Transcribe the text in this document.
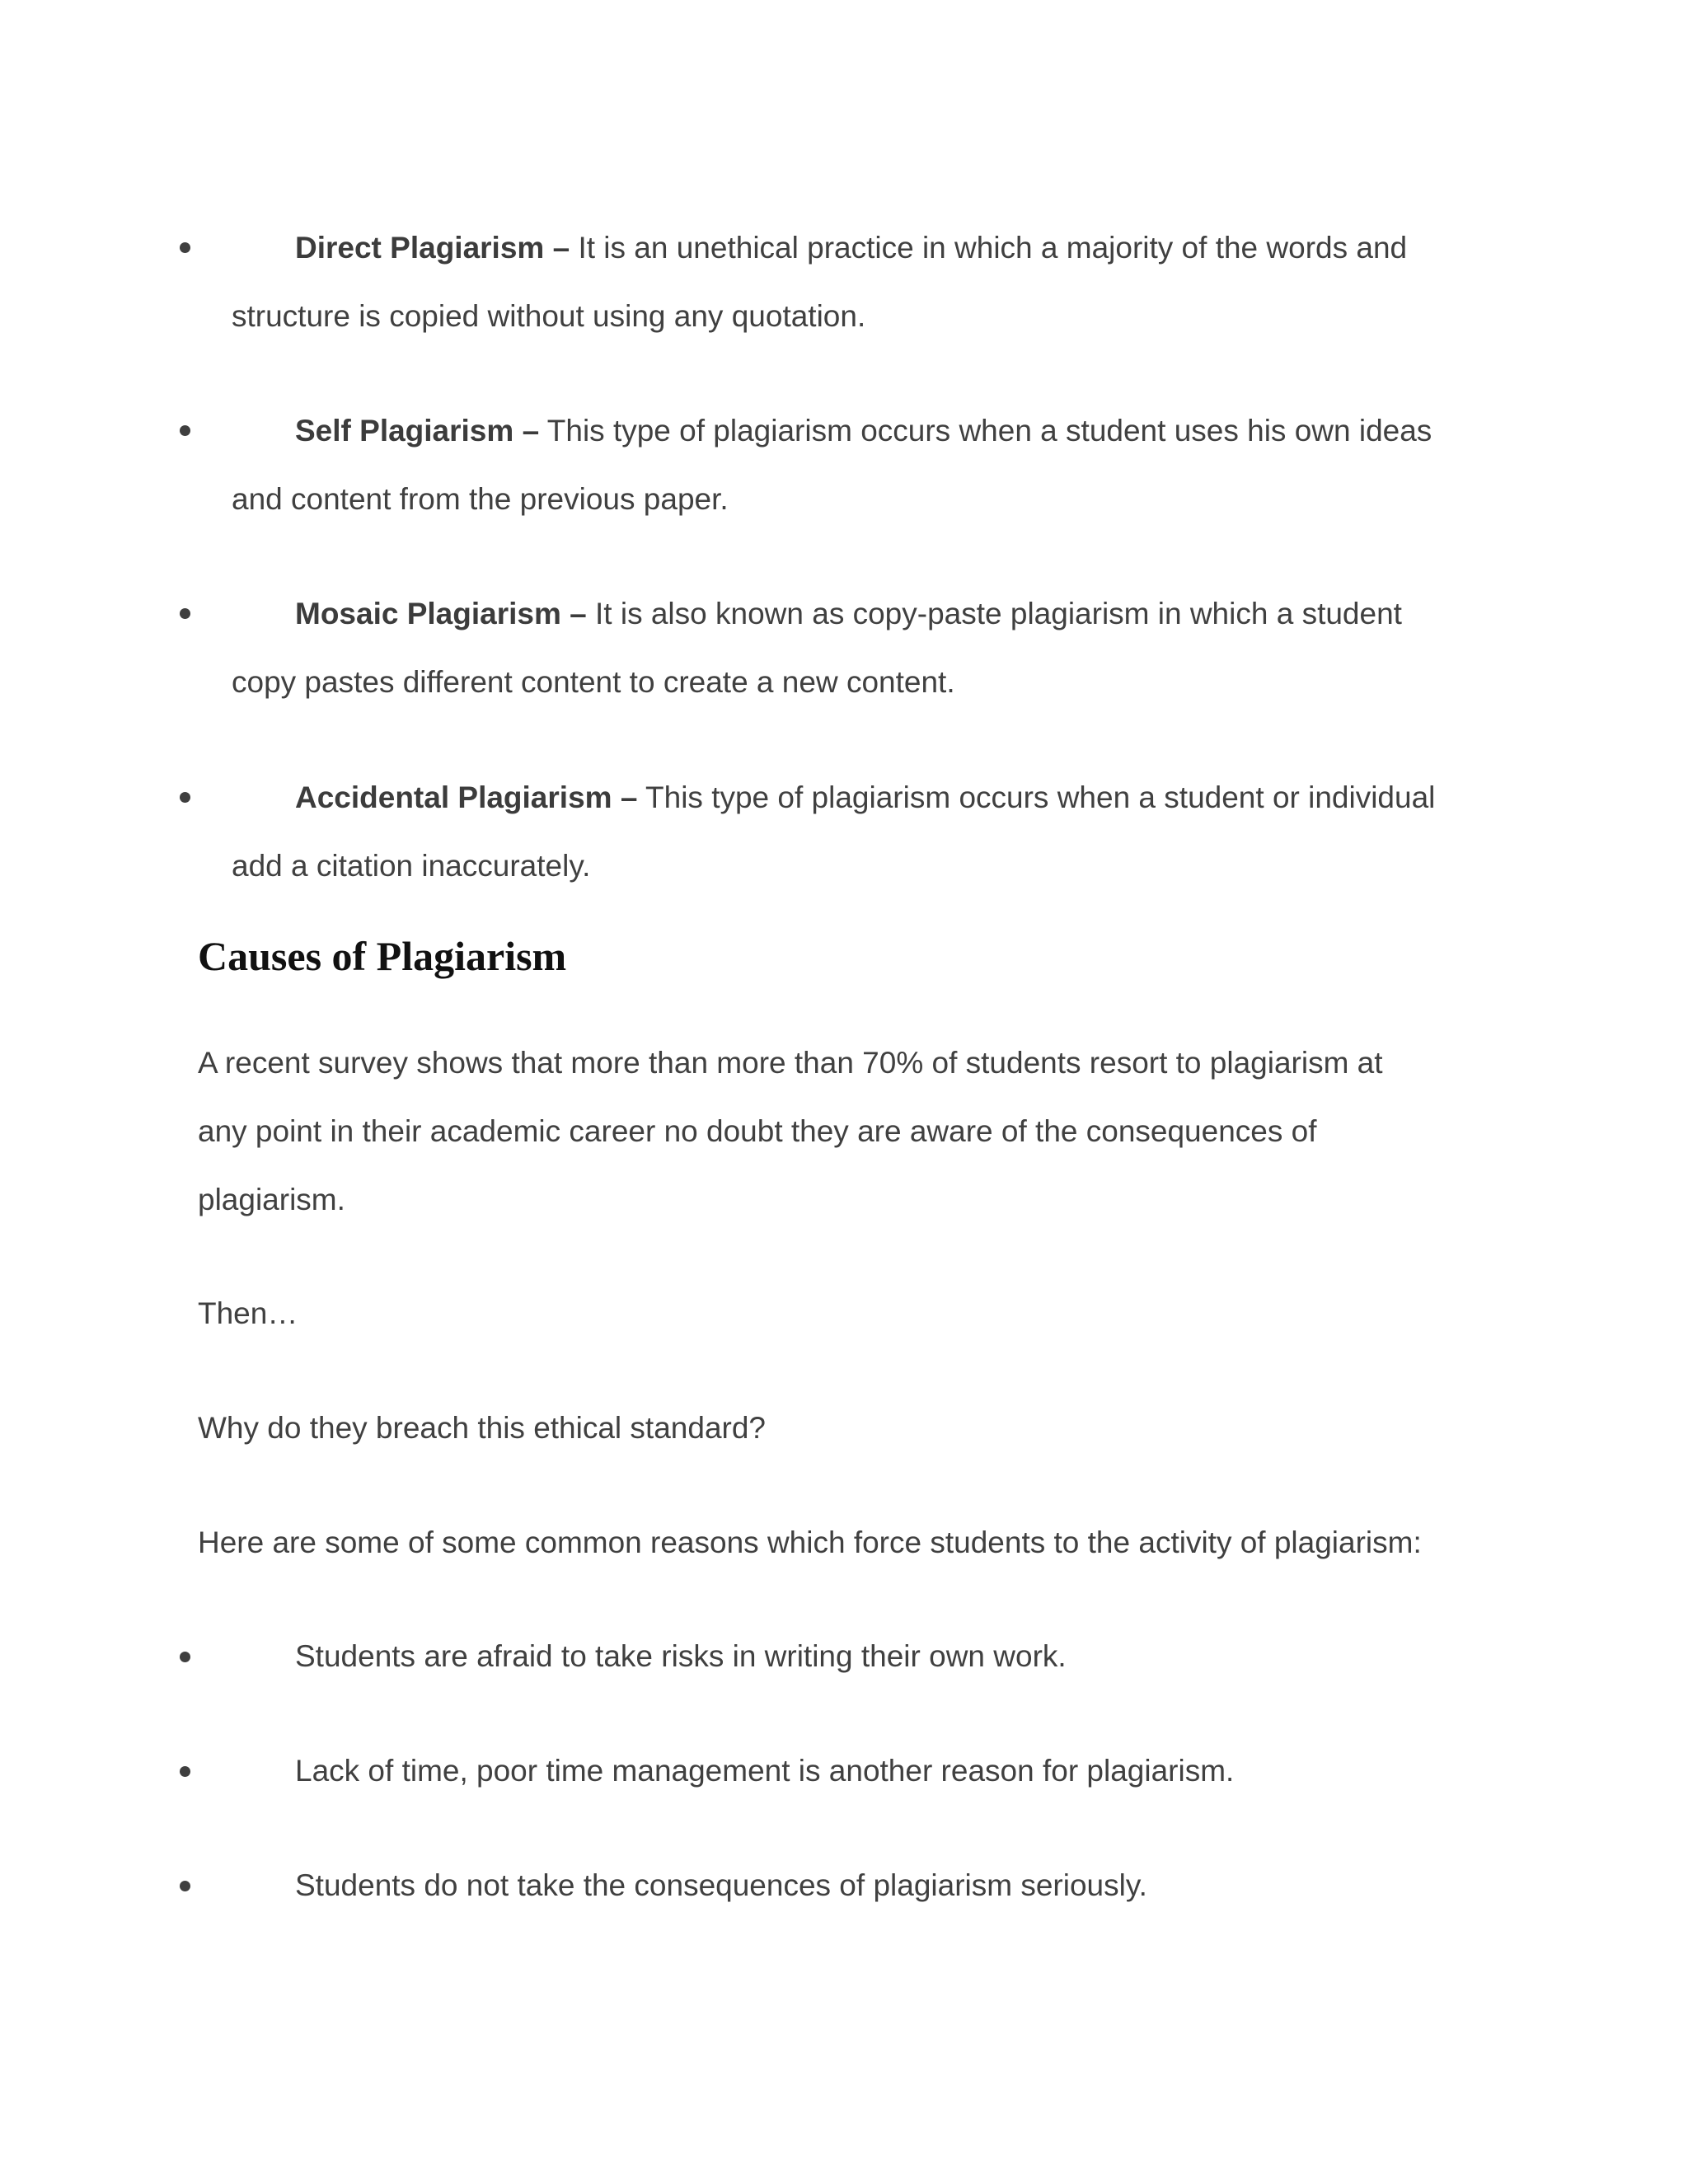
Direct Plagiarism – It is an unethical practice in which a majority of the words and
structure is copied without using any quotation.
Self Plagiarism – This type of plagiarism occurs when a student uses his own ideas
and content from the previous paper.
Mosaic Plagiarism – It is also known as copy-paste plagiarism in which a student
copy pastes different content to create a new content.
Accidental Plagiarism – This type of plagiarism occurs when a student or individual
add a citation inaccurately.
Causes of Plagiarism
A recent survey shows that more than more than 70% of students resort to plagiarism at
any point in their academic career no doubt they are aware of the consequences of
plagiarism.
Then…
Why do they breach this ethical standard?
Here are some of some common reasons which force students to the activity of plagiarism:
Students are afraid to take risks in writing their own work.
Lack of time, poor time management is another reason for plagiarism.
Students do not take the consequences of plagiarism seriously.
